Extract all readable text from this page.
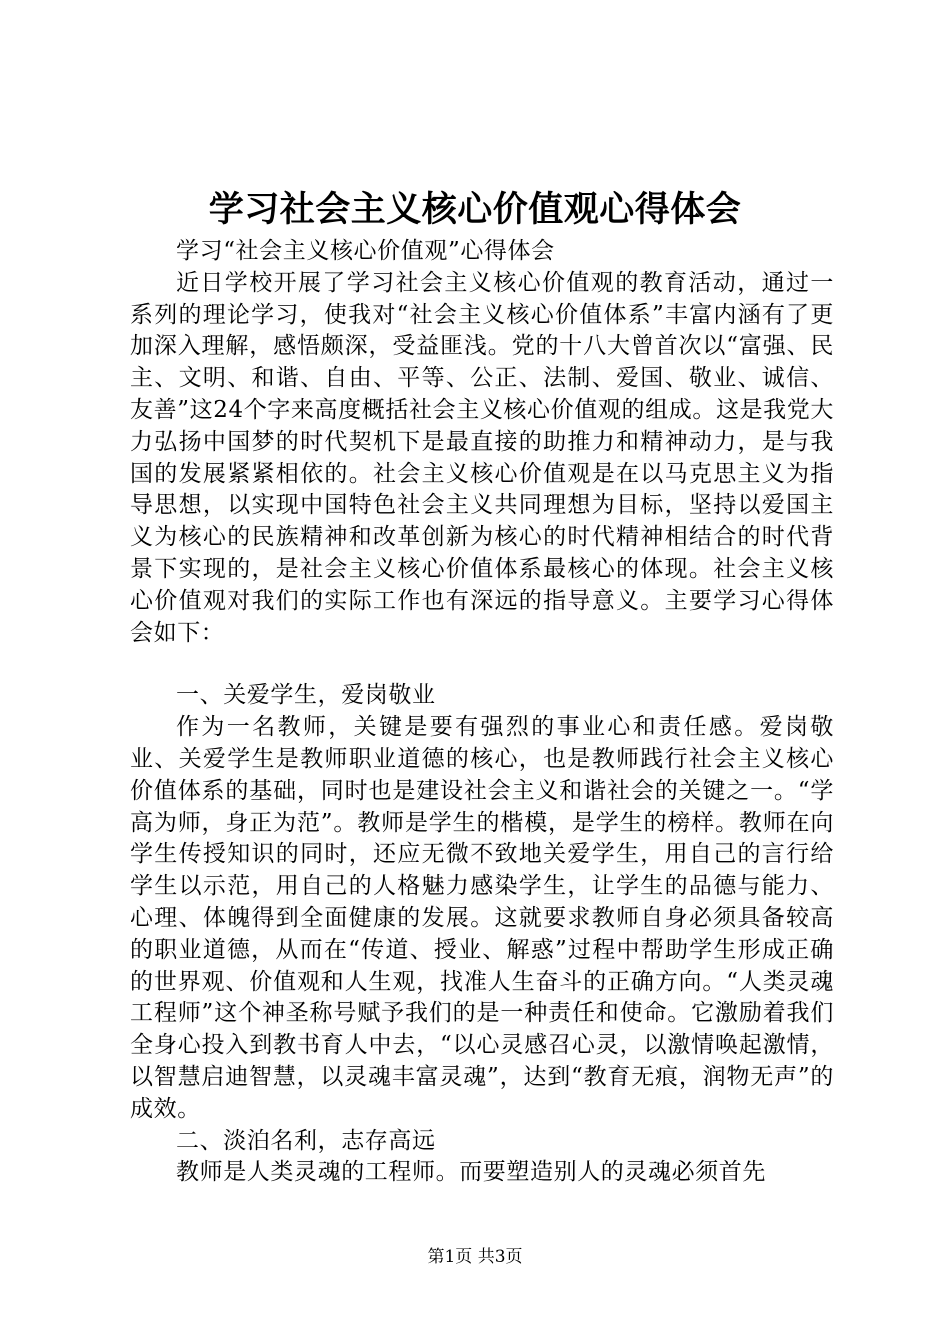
学习社会主义核心价值观心得体会

学习“社会主义核心价值观”心得体会

近日学校开展了学习社会主义核心价值观的教育活动，通过一系列的理论学习，使我对“社会主义核心价值体系”丰富内涵有了更加深入理解，感悟颇深，受益匪浅。党的十八大曾首次以“富强、民主、文明、和谐、自由、平等、公正、法制、爱国、敬业、诚信、友善”这24个字来高度概括社会主义核心价值观的组成。这是我党大力弘扬中国梦的时代契机下是最直接的助推力和精神动力，是与我国的发展紧紧相依的。社会主义核心价值观是在以马克思主义为指导思想，以实现中国特色社会主义共同理想为目标，坚持以爱国主义为核心的民族精神和改革创新为核心的时代精神相结合的时代背景下实现的，是社会主义核心价值体系最核心的体现。社会主义核心价值观对我们的实际工作也有深远的指导意义。主要学习心得体会如下：

一、关爱学生，爱岗敬业

作为一名教师，关键是要有强烈的事业心和责任感。爱岗敬业、关爱学生是教师职业道德的核心，也是教师践行社会主义核心价值体系的基础，同时也是建设社会主义和谐社会的关键之一。“学高为师，身正为范”。教师是学生的楷模，是学生的榜样。教师在向学生传授知识的同时，还应无微不致地关爱学生，用自己的言行给学生以示范，用自己的人格魅力感染学生，让学生的品德与能力、心理、体魄得到全面健康的发展。这就要求教师自身必须具备较高的职业道德，从而在“传道、授业、解惑”过程中帮助学生形成正确的世界观、价值观和人生观，找准人生奋斗的正确方向。“人类灵魂工程师”这个神圣称号赋予我们的是一种责任和使命。它激励着我们全身心投入到教书育人中去，“以心灵感召心灵，以激情唤起激情，以智慧启迪智慧，以灵魂丰富灵魂”，达到“教育无痕，润物无声”的成效。

二、淡泊名利，志存高远

教师是人类灵魂的工程师。而要塑造别人的灵魂必须首先

第1页 共3页
